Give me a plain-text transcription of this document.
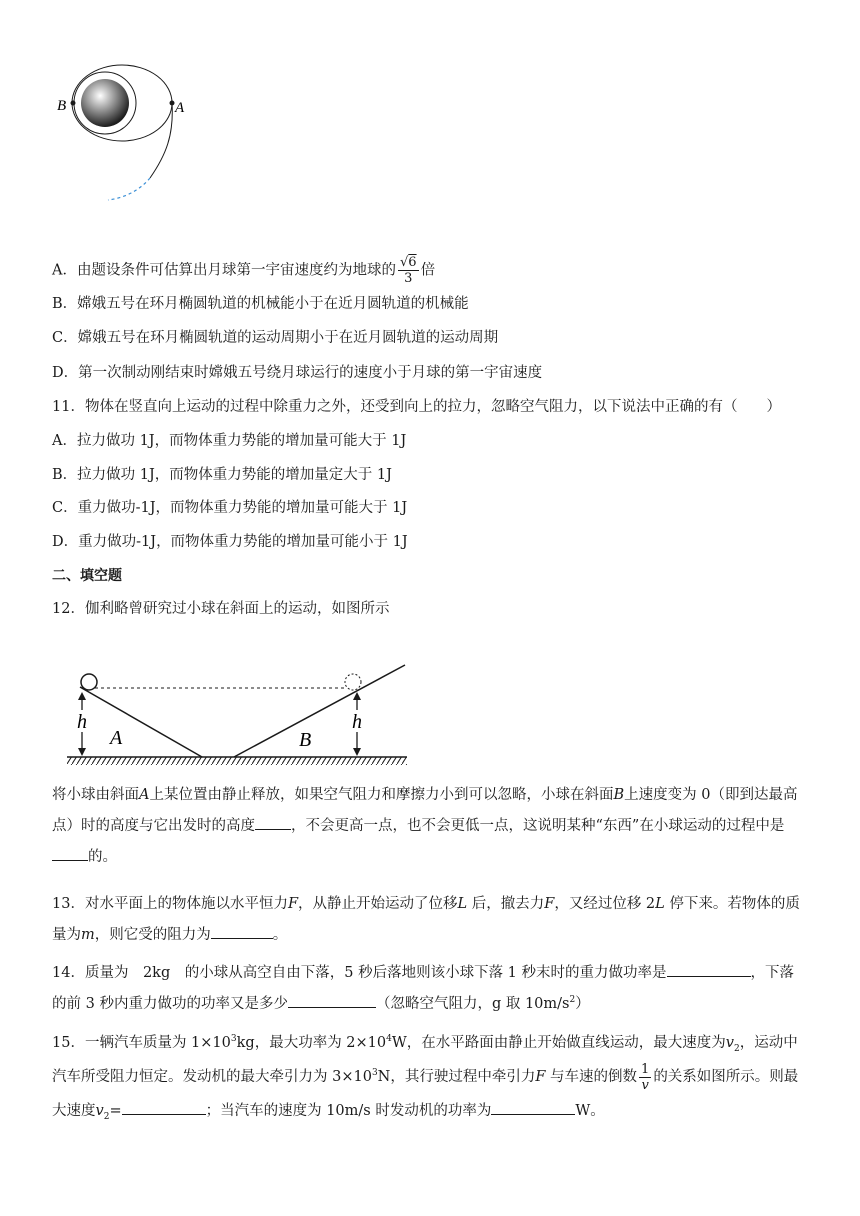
B	A
A．由题设条件可估算出月球第一宇宙速度约为地球的 $\frac{√6}{3}$ 倍
B．嫦娥五号在环月椭圆轨道的机械能小于在近月圆轨道的机械能
C．嫦娥五号在环月椭圆轨道的运动周期小于在近月圆轨道的运动周期
D．第一次制动刚结束时嫦娥五号绕月球运行的速度小于月球的第一宇宙速度
11．物体在竖直向上运动的过程中除重力之外，还受到向上的拉力，忽略空气阻力，以下说法中正确的有（　　）
A．拉力做功 1J，而物体重力势能的增加量可能大于 1J
B．拉力做功 1J，而物体重力势能的增加量定大于 1J
C．重力做功-1J，而物体重力势能的增加量可能大于 1J
D．重力做功-1J，而物体重力势能的增加量可能小于 1J
二、填空题
12．伽利略曾研究过小球在斜面上的运动，如图所示
h
A	B
h
将小球由斜面A上某位置由静止释放，如果空气阻力和摩擦力小到可以忽略，小球在斜面B上速度变为 0（即到达最高点）时的高度与它出发时的高度 ，不会更高一点，也不会更低一点，这说明某种“东西”在小球运动的过程中是的。
13．对水平面上的物体施以水平恒力F，从静止开始运动了位移L 后，撤去力F，又经过位移 2L 停下来。若物体的质量为m，则它受的阻力为	。
14．质量为　2kg　的小球从高空自由下落，5 秒后落地则该小球下落 1 秒末时的重力做功率是	，下落的前 3 秒内重力做功的功率又是多少	（忽略空气阻力，g 取 $10m/s^2$）
15．一辆汽车质量为 $1\times 10^3kg$，最大功率为 $2\times 10^4W$，在水平路面由静止开始做直线运动，最大速度为$v_2$，运动中汽车所受阻力恒定。发动机的最大牵引力为 $3\times 10^3N$，其行驶过程中牵引力F 与车速的倒数 $\frac{1}{v}$ 的关系如图所示。则最大速度$v_2=$	；当汽车的速度为 10m/s 时发动机的功率为	W。
